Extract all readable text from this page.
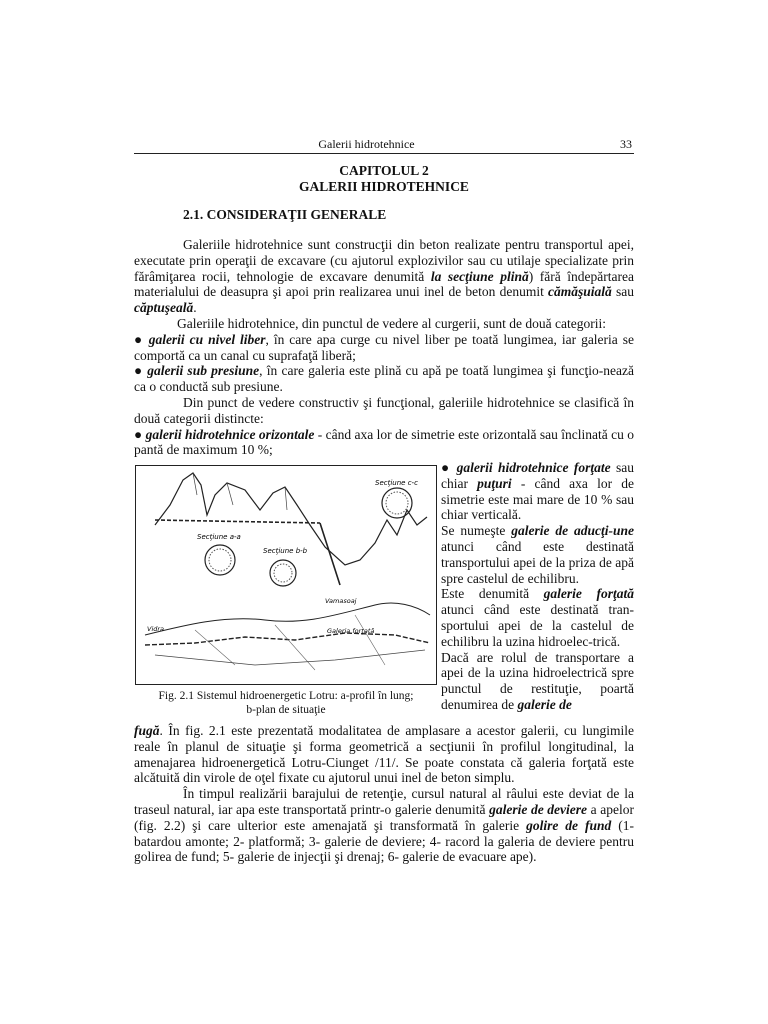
Galerii hidrotehnice	33
CAPITOLUL 2
GALERII HIDROTEHNICE
2.1. CONSIDERAŢII GENERALE

Galeriile hidrotehnice sunt construcţii din beton realizate pentru transportul apei, executate prin operaţii de excavare (cu ajutorul explozivilor sau cu utilaje specializate prin fărâmiţarea rocii, tehnologie de excavare denumită la secţiune plină) fără îndepărtarea materialului de deasupra şi apoi prin realizarea unui inel de beton denumit cămăşuială sau căptuşeală.

Galeriile hidrotehnice, din punctul de vedere al curgerii, sunt de două categorii:

● galerii cu nivel liber, în care apa curge cu nivel liber pe toată lungimea, iar galeria se comportă ca un canal cu suprafaţă liberă;

● galerii sub presiune, în care galeria este plină cu apă pe toată lungimea şi funcţio-nează ca o conductă sub presiune.

Din punct de vedere constructiv şi funcţional, galeriile hidrotehnice se clasifică în două categorii distincte:

● galerii hidrotehnice orizontale - când axa lor de simetrie este orizontală sau înclinată cu o pantă de maximum 10 %;

Secţiune c-c
Secţiune a-a
Secţiune b-b
Vidra
Vamasoaj
Galeria forţată
Fig. 2.1 Sistemul hidroenergetic Lotru: a-profil în lung;
b-plan de situaţie

● galerii hidrotehnice forţate sau chiar puţuri - când axa lor de simetrie este mai mare de 10 % sau chiar verticală.

Se numeşte galerie de aducţi-une atunci când este destinată transportului apei de la priza de apă spre castelul de echilibru.

Este denumită galerie forţată atunci când este destinată tran-sportului apei de la castelul de echilibru la uzina hidroelec-trică.

Dacă are rolul de transportare a apei de la uzina hidroelectrică spre punctul de restituţie, poartă denumirea de galerie de

fugă. În fig. 2.1 este prezentată modalitatea de amplasare a acestor galerii, cu lungimile reale în planul de situaţie şi forma geometrică a secţiunii în profilul longitudinal, la amenajarea hidroenergetică Lotru-Ciunget /11/. Se poate constata că galeria forţată este alcătuită din virole de oţel fixate cu ajutorul unui inel de beton simplu.

În timpul realizării barajului de retenţie, cursul natural al râului este deviat de la traseul natural, iar apa este transportată printr-o galerie denumită galerie de deviere a apelor (fig. 2.2) şi care ulterior este amenajată şi transformată în galerie golire de fund (1- batardou amonte; 2- platformă; 3- galerie de deviere; 4- racord la galeria de deviere pentru golirea de fund; 5- galerie de injecţii şi drenaj; 6- galerie de evacuare ape).
